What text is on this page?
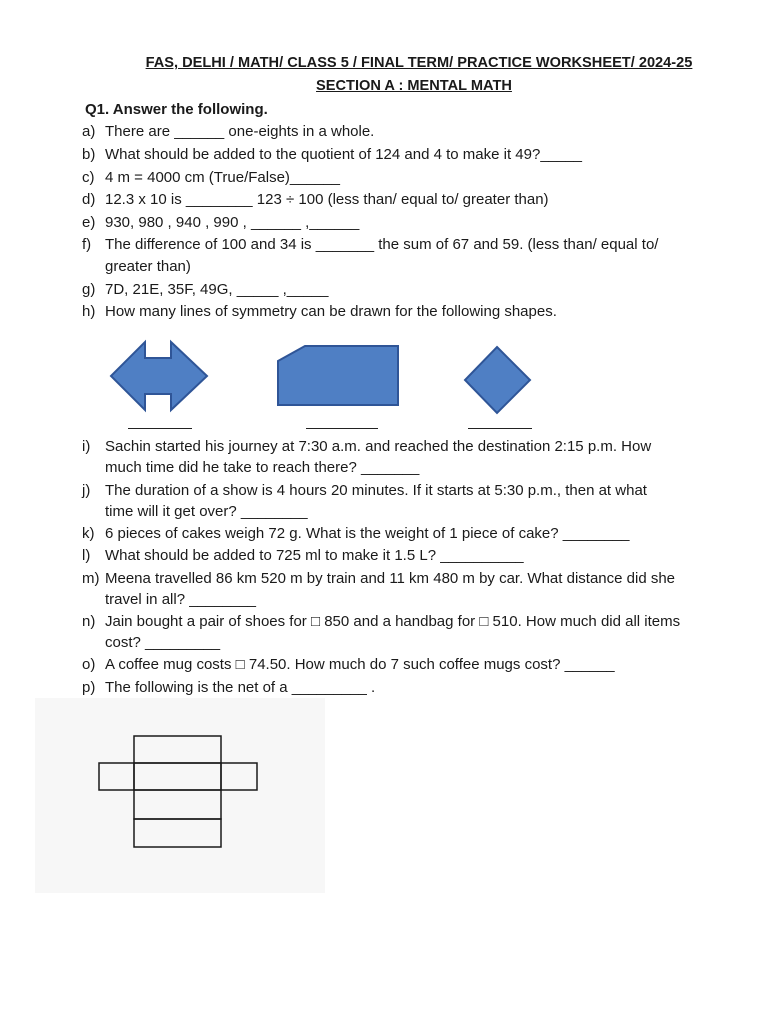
FAS, DELHI / MATH/ CLASS 5 / FINAL TERM/ PRACTICE WORKSHEET/ 2024-25
SECTION A : MENTAL MATH
Q1. Answer the following.
a) There are ______ one-eights in a whole.
b) What should be added to the quotient of 124 and 4 to make it 49?_____
c) 4 m = 4000 cm (True/False)______
d) 12.3 x 10 is ________ 123 ÷ 100 (less than/ equal to/ greater than)
e) 930, 980 , 940 , 990 , ______ ,______
f) The difference of 100 and 34 is _______ the sum of 67 and 59. (less than/ equal to/
greater than)
g) 7D, 21E, 35F, 49G, _____ ,_____
h) How many lines of symmetry can be drawn for the following shapes.
i) Sachin started his journey at 7:30 a.m. and reached the destination 2:15 p.m. How
much time did he take to reach there? _______
j) The duration of a show is 4 hours 20 minutes. If it starts at 5:30 p.m., then at what
time will it get over? ________
k) 6 pieces of cakes weigh 72 g. What is the weight of 1 piece of cake? ________
l) What should be added to 725 ml to make it 1.5 L? __________
m) Meena travelled 86 km 520 m by train and 11 km 480 m by car. What distance did she
travel in all? ________
n) Jain bought a pair of shoes for □ 850 and a handbag for □ 510. How much did all items
cost? _________
o) A coffee mug costs □ 74.50. How much do 7 such coffee mugs cost? ______
p) The following is the net of a _________ .
